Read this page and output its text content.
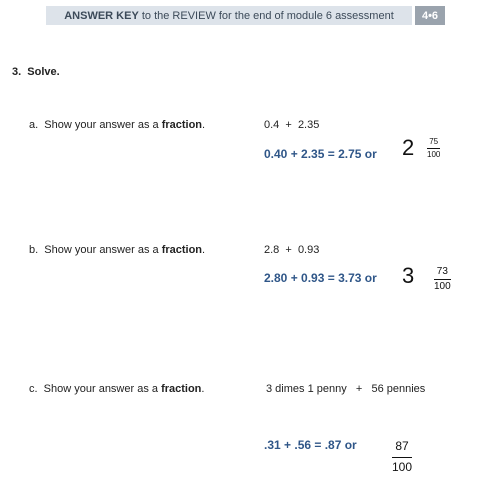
ANSWER KEY to the REVIEW for the end of module 6 assessment	4•6
3.  Solve.
a.  Show your answer as a fraction.	0.4  +  2.35
0.40 + 2.35 = 2.75 or 2 75
100
b.  Show your answer as a fraction.	2.8  +  0.93
2.80 + 0.93 = 3.73 or 3 73
100
c.  Show your answer as a fraction.	3 dimes 1 penny   +   56 pennies
.31 + .56 = .87 or	87
100
